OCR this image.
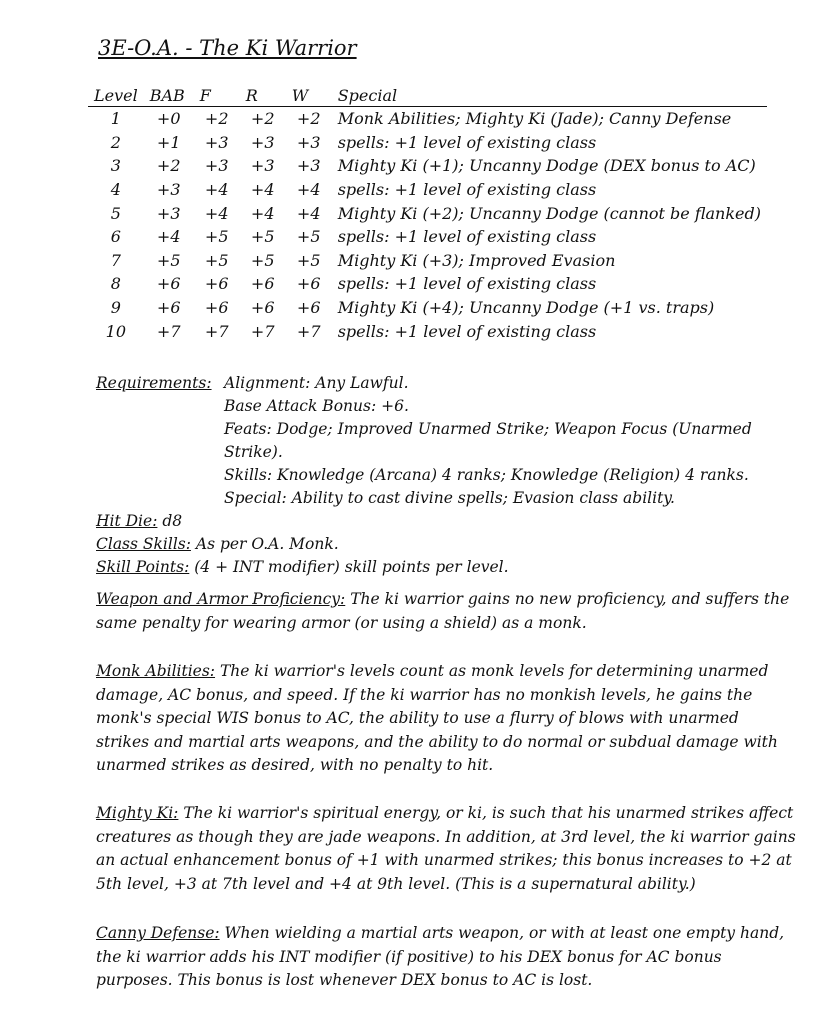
3E-O.A. - The Ki Warrior
Level	BAB	F	R	W	Special
1	+0	+2	+2	+2	Monk Abilities; Mighty Ki (Jade); Canny Defense
2	+1	+3	+3	+3	spells: +1 level of existing class
3	+2	+3	+3	+3	Mighty Ki (+1); Uncanny Dodge (DEX bonus to AC)
4	+3	+4	+4	+4	spells: +1 level of existing class
5	+3	+4	+4	+4	Mighty Ki (+2); Uncanny Dodge (cannot be flanked)
6	+4	+5	+5	+5	spells: +1 level of existing class
7	+5	+5	+5	+5	Mighty Ki (+3); Improved Evasion
8	+6	+6	+6	+6	spells: +1 level of existing class
9	+6	+6	+6	+6	Mighty Ki (+4); Uncanny Dodge (+1 vs. traps)
10	+7	+7	+7	+7	spells: +1 level of existing class
Requirements: Alignment: Any Lawful.
Base Attack Bonus: +6.
Feats: Dodge; Improved Unarmed Strike; Weapon Focus (Unarmed Strike).
Skills: Knowledge (Arcana) 4 ranks; Knowledge (Religion) 4 ranks.
Special: Ability to cast divine spells; Evasion class ability.
Hit Die: d8
Class Skills: As per O.A. Monk.
Skill Points: (4 + INT modifier) skill points per level.
Weapon and Armor Proficiency: The ki warrior gains no new proficiency, and suffers the same penalty for wearing armor (or using a shield) as a monk.
Monk Abilities: The ki warrior's levels count as monk levels for determining unarmed damage, AC bonus, and speed. If the ki warrior has no monkish levels, he gains the monk's special WIS bonus to AC, the ability to use a flurry of blows with unarmed strikes and martial arts weapons, and the ability to do normal or subdual damage with unarmed strikes as desired, with no penalty to hit.
Mighty Ki: The ki warrior's spiritual energy, or ki, is such that his unarmed strikes affect creatures as though they are jade weapons. In addition, at 3rd level, the ki warrior gains an actual enhancement bonus of +1 with unarmed strikes; this bonus increases to +2 at 5th level, +3 at 7th level and +4 at 9th level. (This is a supernatural ability.)
Canny Defense: When wielding a martial arts weapon, or with at least one empty hand, the ki warrior adds his INT modifier (if positive) to his DEX bonus for AC bonus purposes. This bonus is lost whenever DEX bonus to AC is lost.
